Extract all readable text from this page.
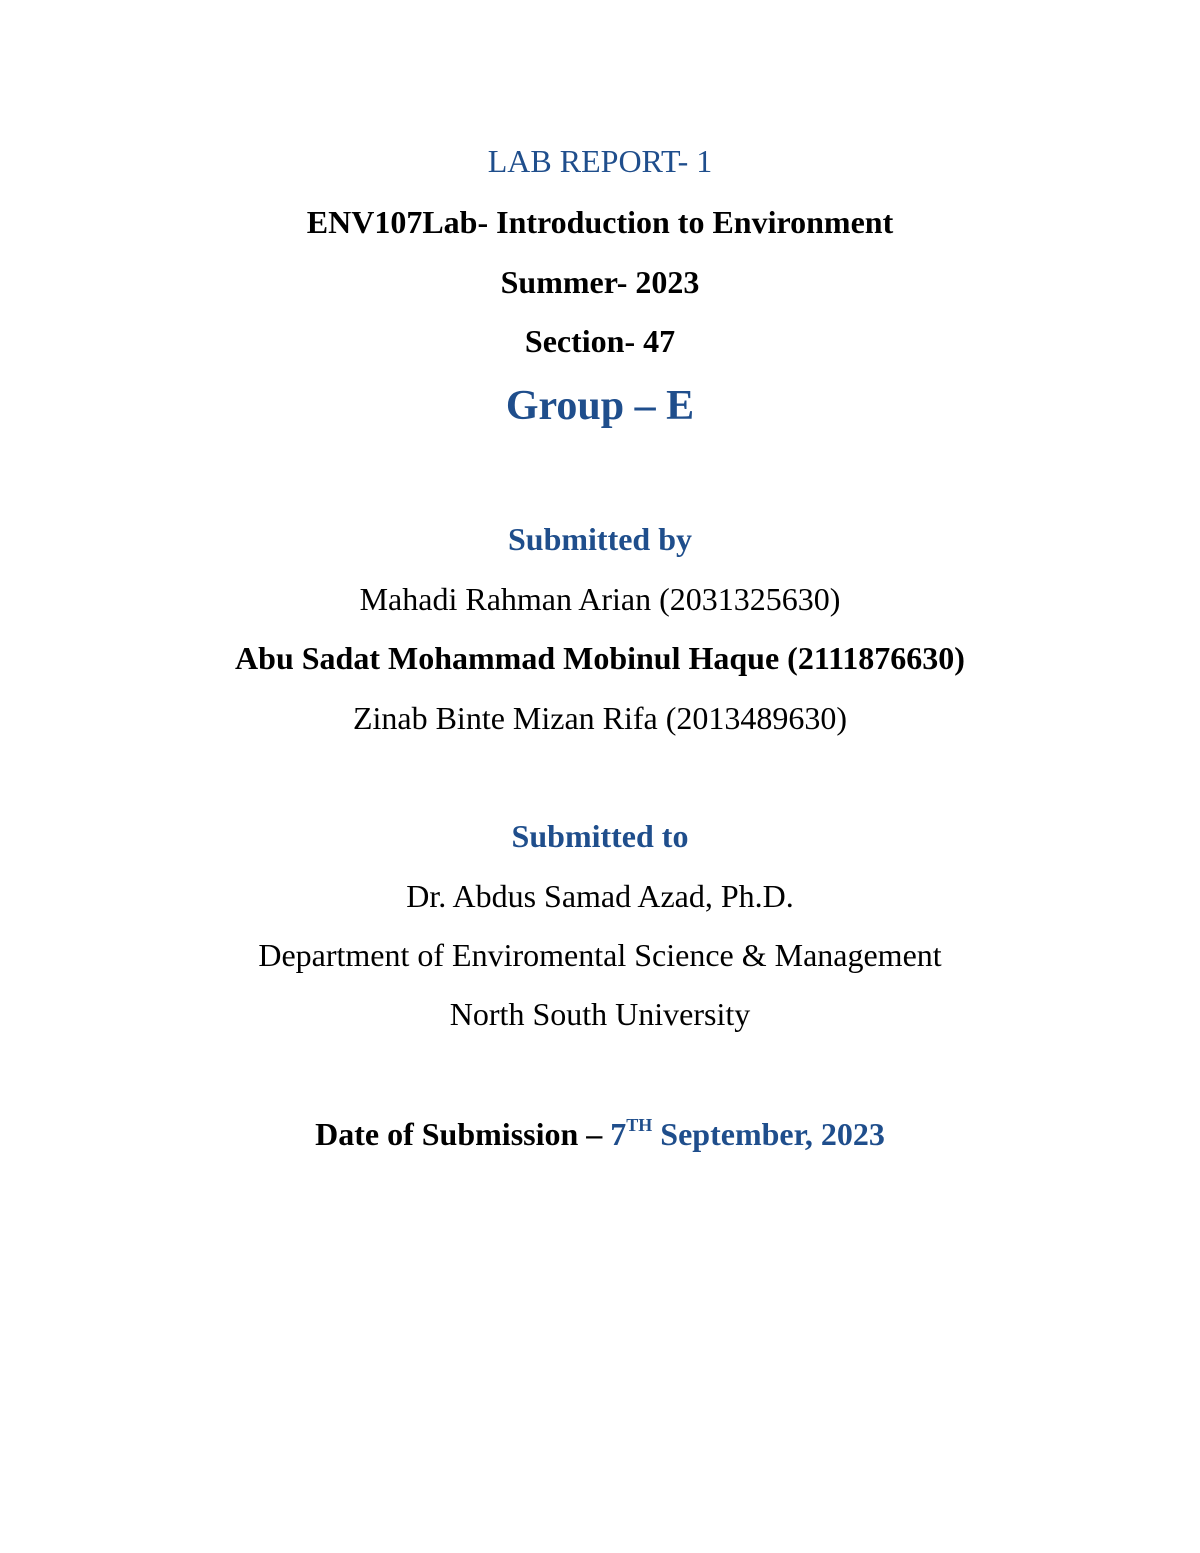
LAB REPORT- 1
ENV107Lab- Introduction to Environment
Summer- 2023
Section- 47
Group – E
Submitted by
Mahadi Rahman Arian (2031325630)
Abu Sadat Mohammad Mobinul Haque (2111876630)
Zinab Binte Mizan Rifa (2013489630)
Submitted to
Dr. Abdus Samad Azad, Ph.D.
Department of Enviromental Science & Management
North South University
Date of Submission – 7TH September, 2023
